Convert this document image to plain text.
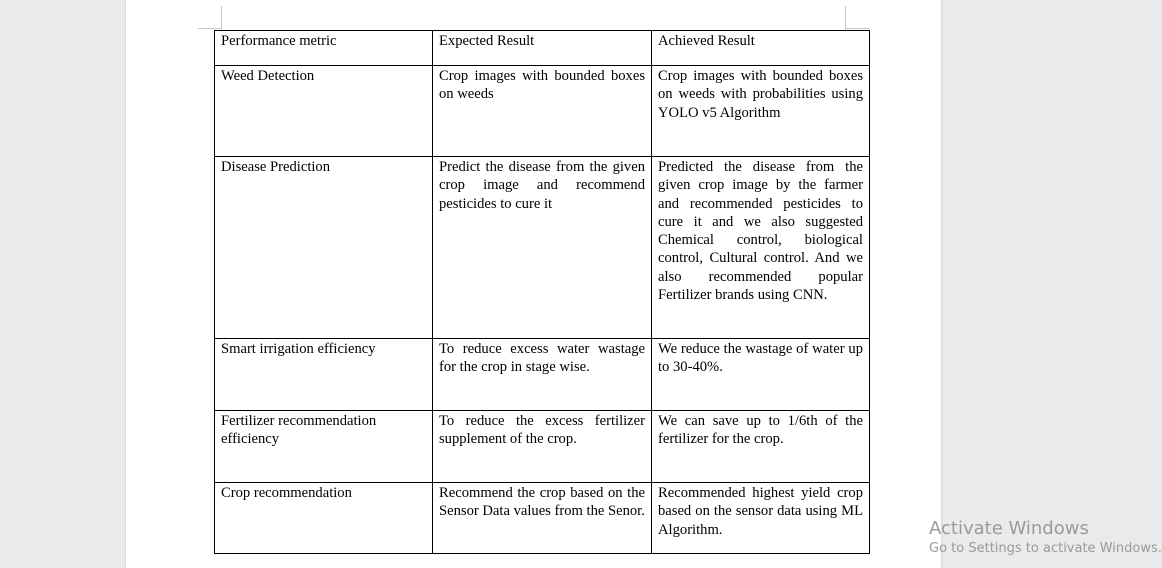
Performance metric	Expected Result	Achieved Result
Weed Detection	Crop images with bounded boxes on weeds	Crop images with bounded boxes on weeds with probabilities using YOLO v5 Algorithm
Disease Prediction	Predict the disease from the given crop image and recommend pesticides to cure it	Predicted the disease from the given crop image by the farmer and recommended pesticides to cure it and we also suggested Chemical control, biological control, Cultural control. And we also recommended popular Fertilizer brands using CNN.
Smart irrigation efficiency	To reduce excess water wastage for the crop in stage wise.	We reduce the wastage of water up to 30-40%.
Fertilizer recommendation efficiency	To reduce the excess fertilizer supplement of the crop.	We can save up to 1/6th of the fertilizer for the crop.
Crop recommendation	Recommend the crop based on the Sensor Data values from the Senor.	Recommended highest yield crop based on the sensor data using ML Algorithm.	Activate Windows
Go to Settings to activate Windows.
